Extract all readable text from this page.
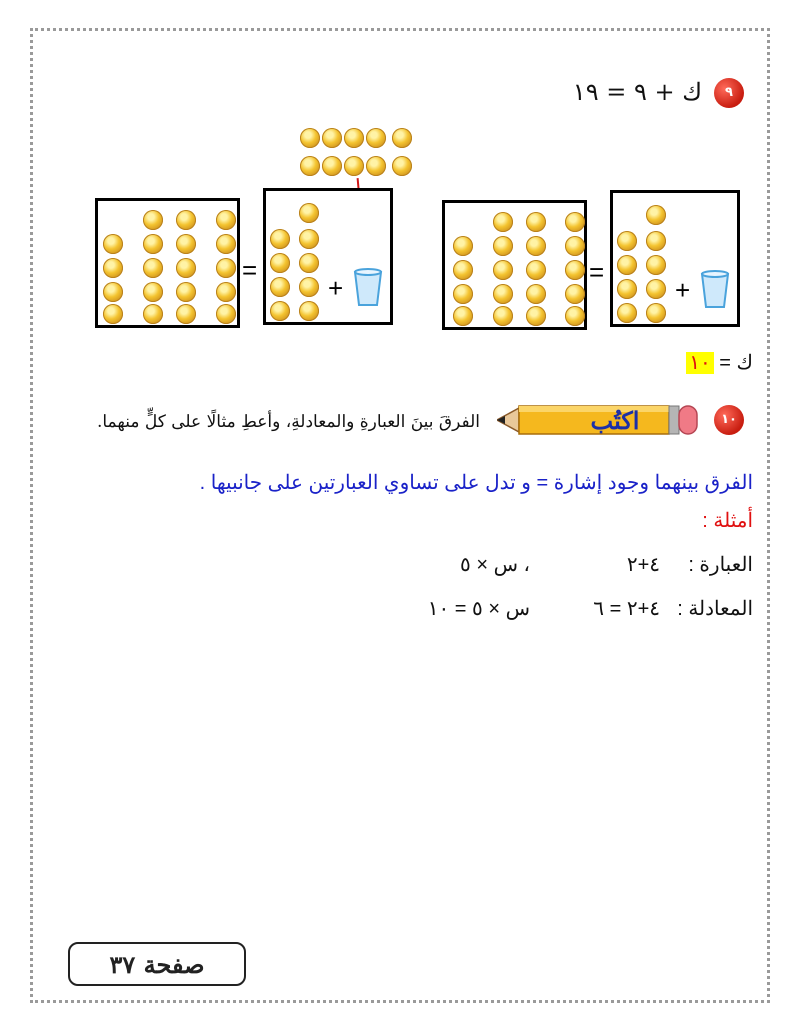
٩
ك + ٩ = ١٩
=
+
=
+
ك = ١٠
١٠
اكتُب
الفرقَ بينَ العبارةِ والمعادلةِ، وأعطِ مثالًا على كلٍّ منهما.
الفرق بينهما وجود إشارة = و تدل على تساوي العبارتين على جانبيها .
أمثلة :
العبارة :
٤+٢
، س × ٥
المعادلة :
٤+٢ = ٦
س × ٥ = ١٠
صفحة ٣٧
